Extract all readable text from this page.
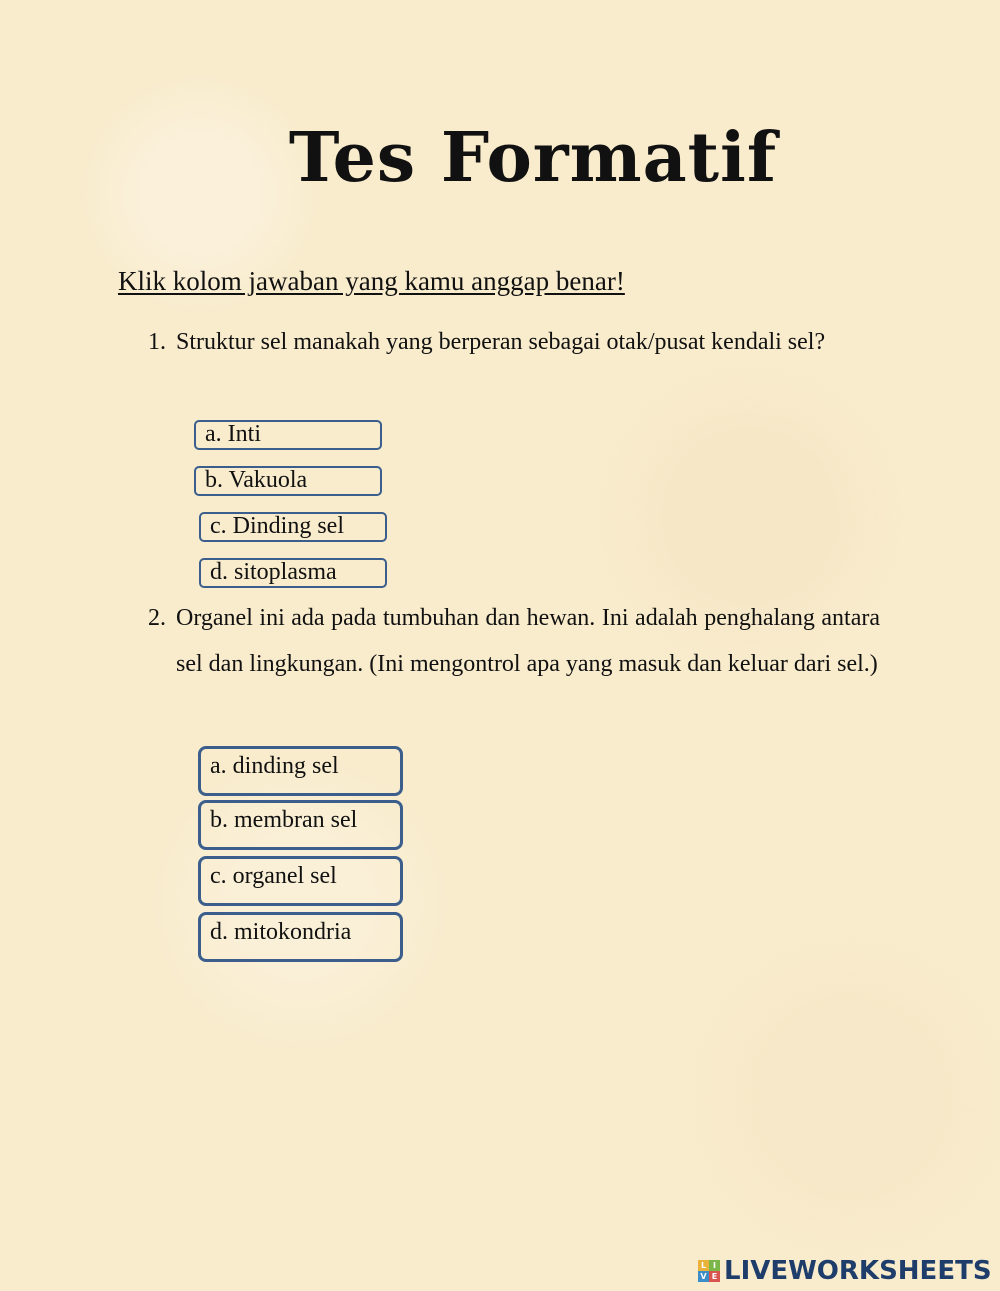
Tes Formatif
Klik kolom jawaban yang kamu anggap benar!
1. Struktur sel manakah yang berperan sebagai otak/pusat kendali sel?
a. Inti
b. Vakuola
c. Dinding sel
d. sitoplasma
2. Organel ini ada pada tumbuhan dan hewan. Ini adalah penghalang antara sel dan lingkungan. (Ini mengontrol apa yang masuk dan keluar dari sel.)
a. dinding sel
b. membran sel
c. organel sel
d. mitokondria
L I
V E LIVEWORKSHEETS
